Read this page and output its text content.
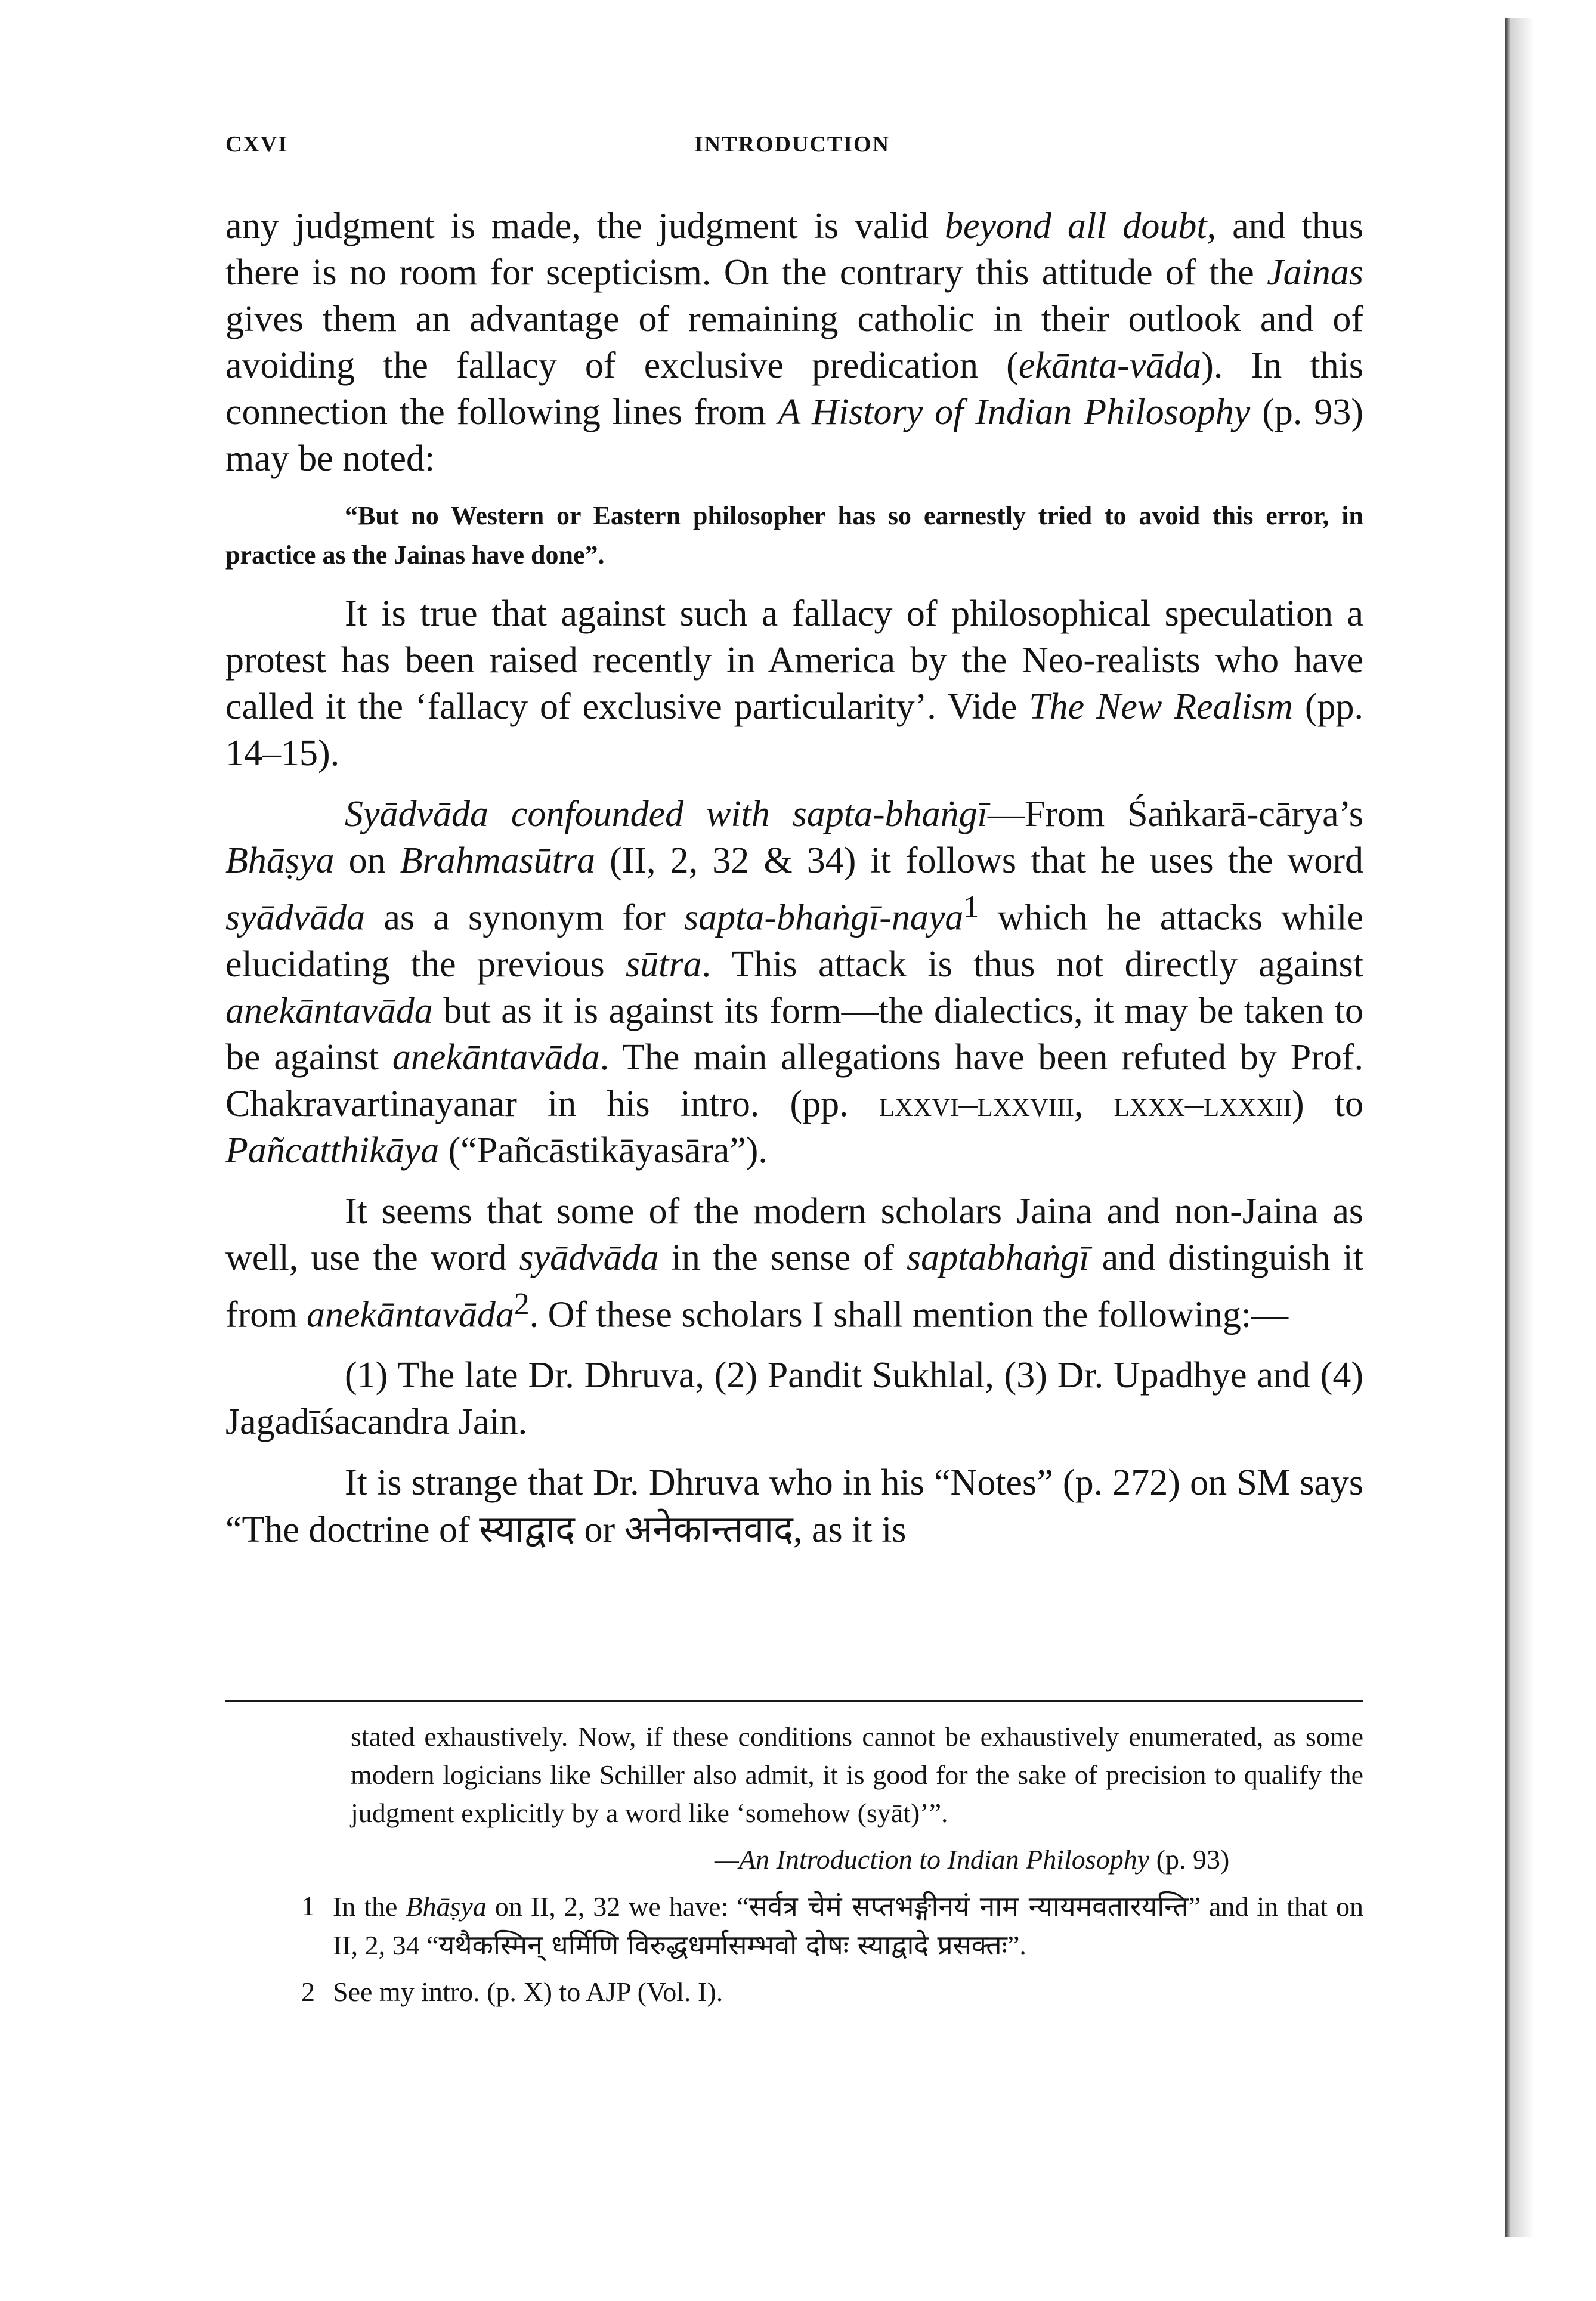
CXVI	INTRODUCTION

any judgment is made, the judgment is valid beyond all doubt, and thus there is no room for scepticism. On the contrary this attitude of the Jainas gives them an advantage of remaining catholic in their outlook and of avoiding the fallacy of exclusive predication (ekānta-vāda). In this connection the following lines from A History of Indian Philosophy (p. 93) may be noted:

“But no Western or Eastern philosopher has so earnestly tried to avoid this error, in practice as the Jainas have done”.

It is true that against such a fallacy of philosophical speculation a protest has been raised recently in America by the Neo-realists who have called it the ‘fallacy of exclusive particularity’. Vide The New Realism (pp. 14–15).

Syādvāda confounded with sapta-bhaṅgī—From Śaṅkarā-cārya’s Bhāṣya on Brahmasūtra (II, 2, 32 & 34) it follows that he uses the word syādvāda as a synonym for sapta-bhaṅgī-naya$^1$ which he attacks while elucidating the previous sūtra. This attack is thus not directly against anekāntavāda but as it is against its form—the dialectics, it may be taken to be against anekāntavāda. The main allegations have been refuted by Prof. Chakravartinayanar in his intro. (pp. lxxvi–lxxviii, lxxx–lxxxii) to Pañcatthikāya (“Pañcāstikāyasāra”).

It seems that some of the modern scholars Jaina and non-Jaina as well, use the word syādvāda in the sense of saptabhaṅgī and distinguish it from anekāntavāda$^2$. Of these scholars I shall mention the following:—

(1) The late Dr. Dhruva, (2) Pandit Sukhlal, (3) Dr. Upadhye and (4) Jagadīśacandra Jain.

It is strange that Dr. Dhruva who in his “Notes” (p. 272) on SM says “The doctrine of स्याद्वाद or अनेकान्तवाद, as it is

stated exhaustively. Now, if these conditions cannot be exhaustively enumerated, as some modern logicians like Schiller also admit, it is good for the sake of precision to qualify the judgment explicitly by a word like ‘somehow (syāt)’”.

—An Introduction to Indian Philosophy (p. 93)

1 In the Bhāṣya on II, 2, 32 we have: “सर्वत्र चेमं सप्तभङ्गीनयं नाम न्यायमवतारयन्ति” and in that on II, 2, 34 “यथैकस्मिन् धर्मिणि विरुद्धधर्मासम्भवो दोषः स्याद्वादे प्रसक्तः”.
2 See my intro. (p. X) to AJP (Vol. I).
